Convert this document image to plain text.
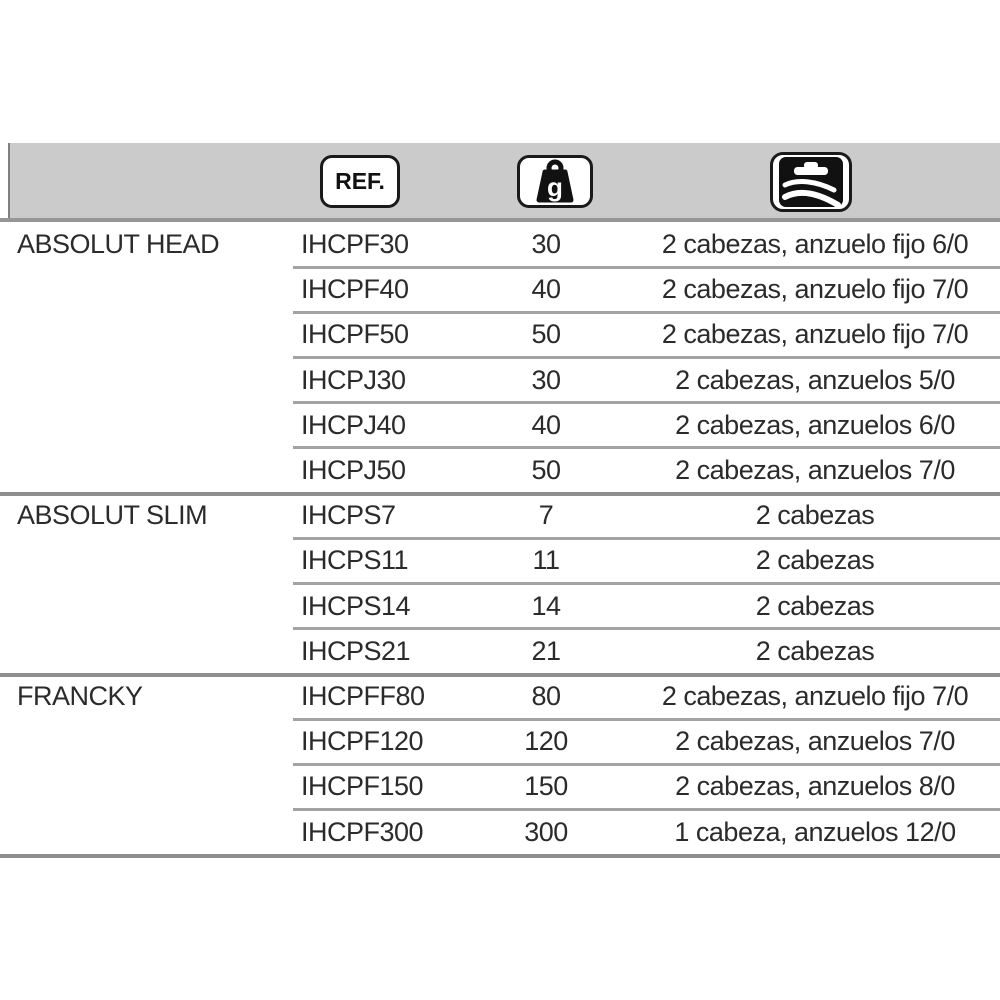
REF.	g
ABSOLUT HEAD	IHCPF30	30	2 cabezas, anzuelo fijo 6/0
IHCPF40	40	2 cabezas, anzuelo fijo 7/0
IHCPF50	50	2 cabezas, anzuelo fijo 7/0
IHCPJ30	30	2 cabezas, anzuelos 5/0
IHCPJ40	40	2 cabezas, anzuelos 6/0
IHCPJ50	50	2 cabezas, anzuelos 7/0
ABSOLUT SLIM	IHCPS7	7	2 cabezas
IHCPS11	11	2 cabezas
IHCPS14	14	2 cabezas
IHCPS21	21	2 cabezas
FRANCKY	IHCPFF80	80	2 cabezas, anzuelo fijo 7/0
IHCPF120	120	2 cabezas, anzuelos 7/0
IHCPF150	150	2 cabezas, anzuelos 8/0
IHCPF300	300	1 cabeza, anzuelos 12/0
